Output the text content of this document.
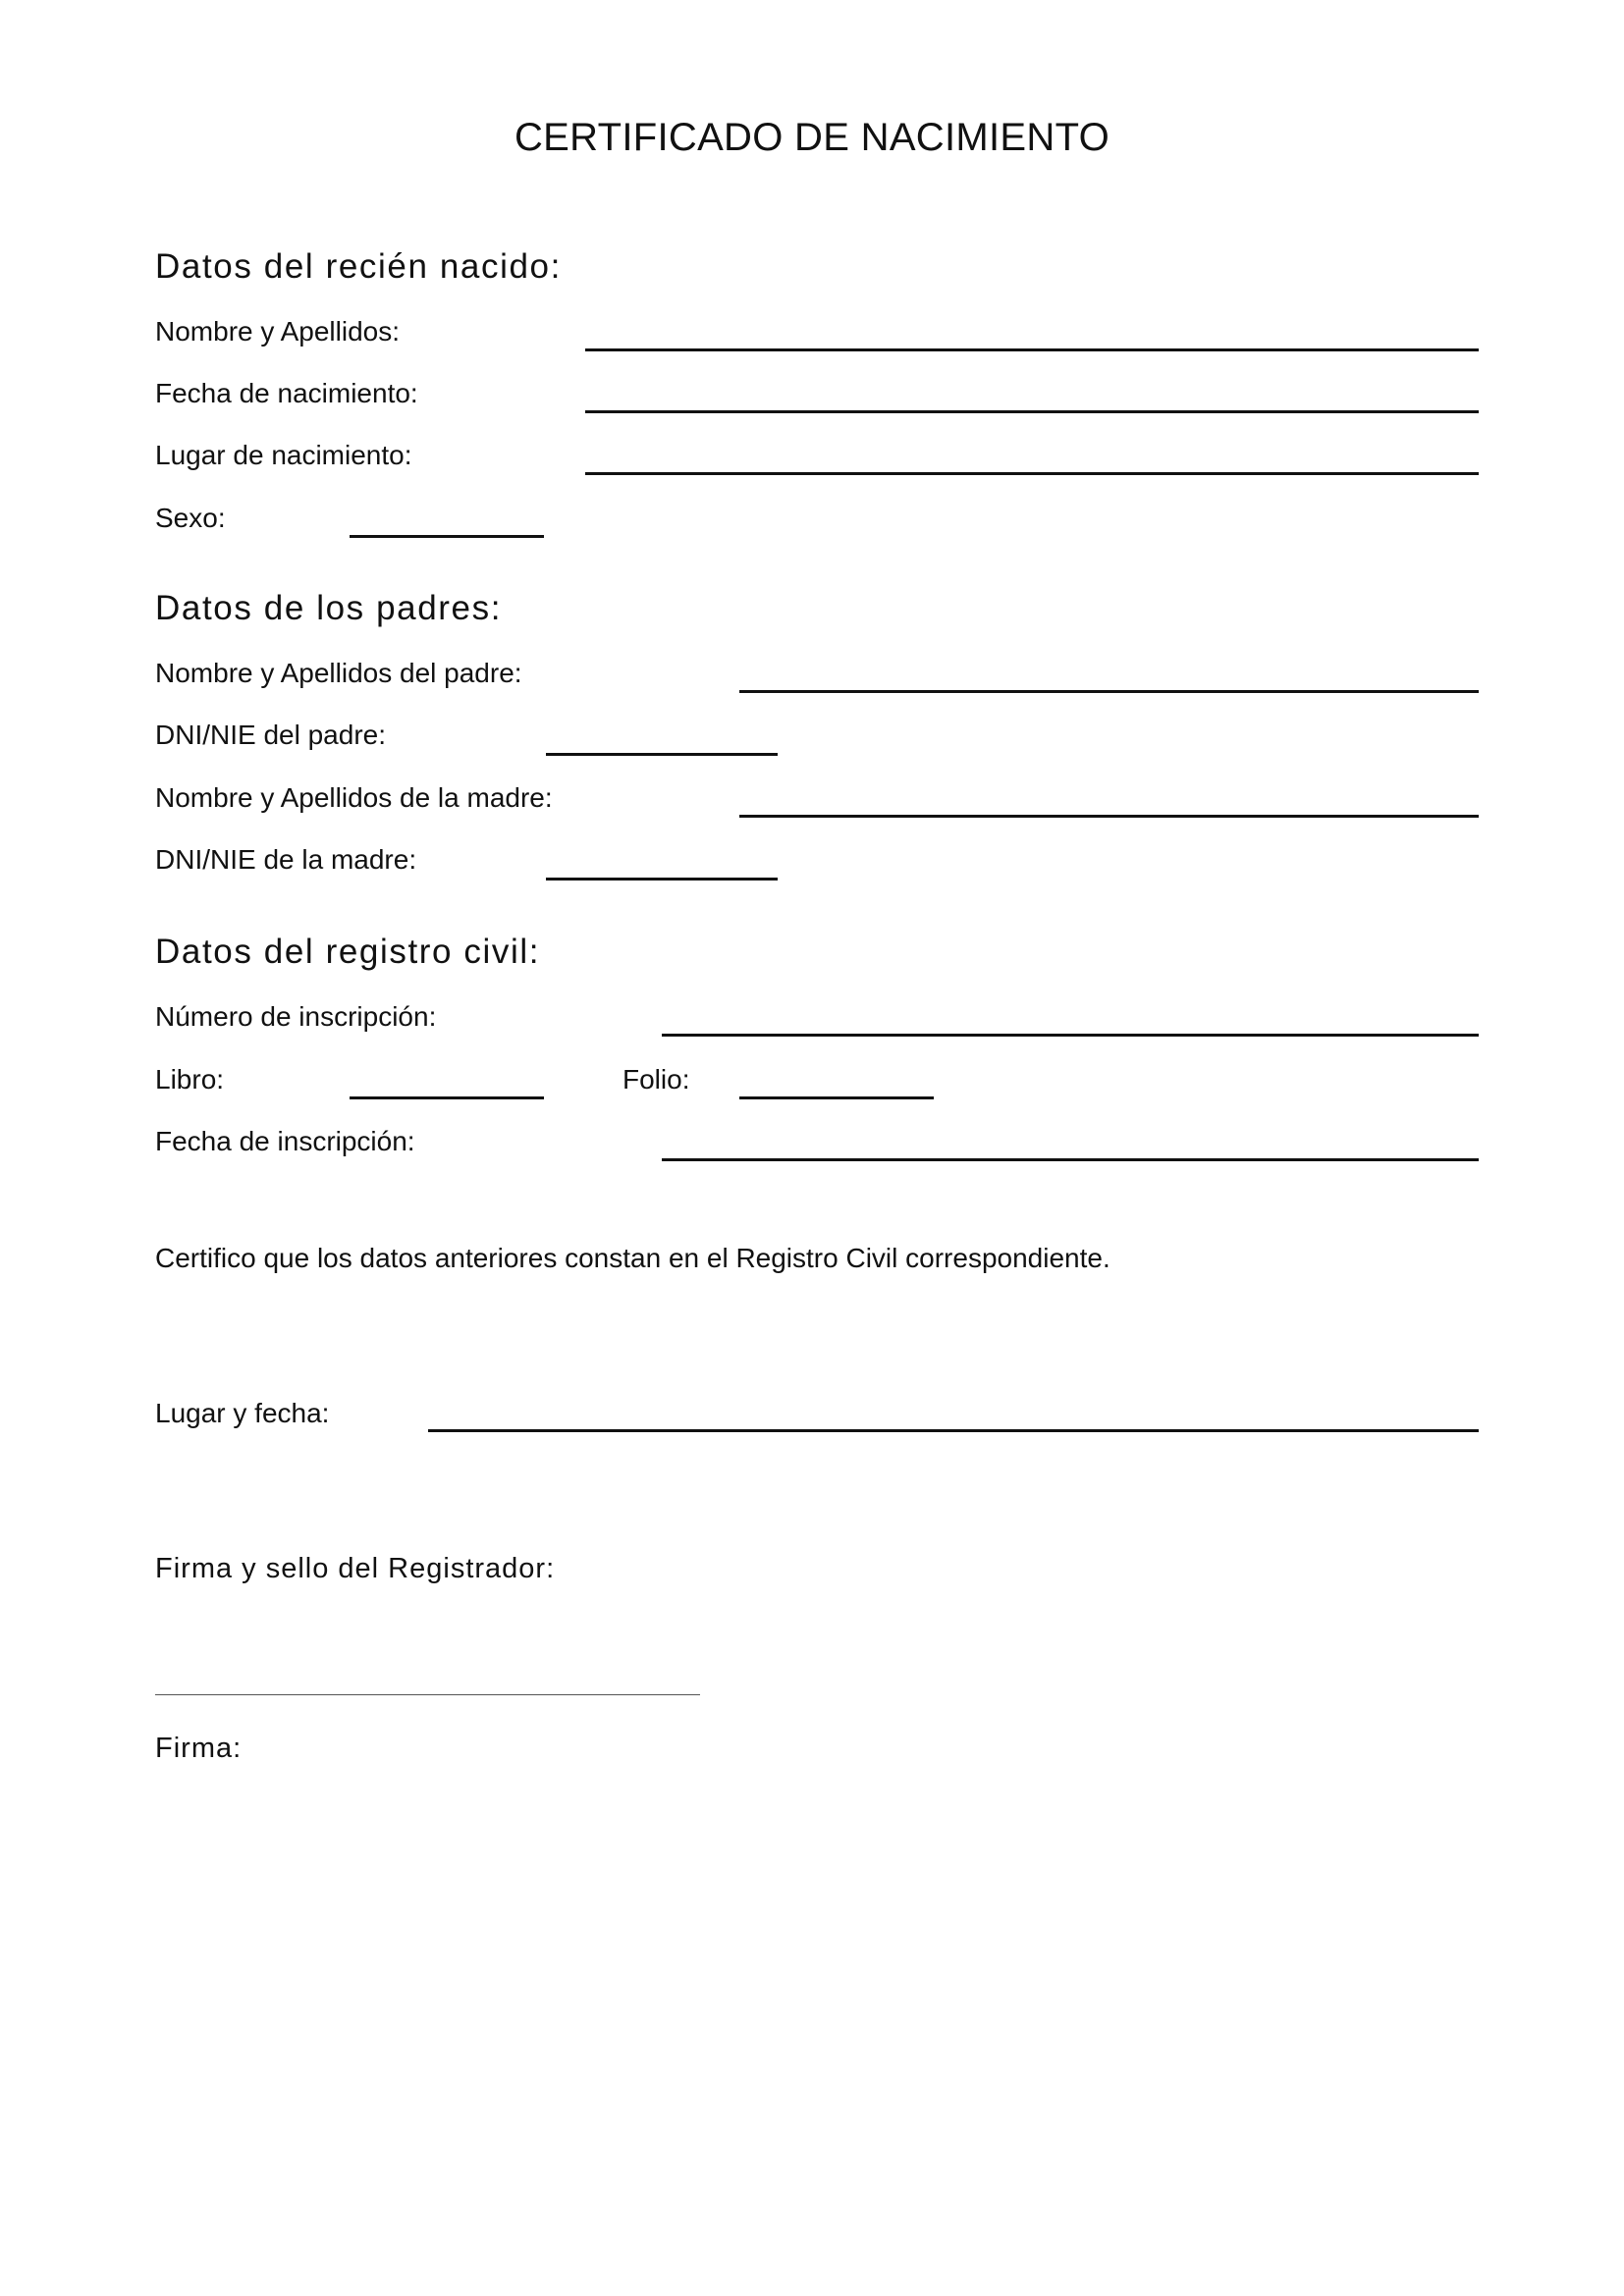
CERTIFICADO DE NACIMIENTO
Datos del recién nacido:
Nombre y Apellidos:
Fecha de nacimiento:
Lugar de nacimiento:
Sexo:
Datos de los padres:
Nombre y Apellidos del padre:
DNI/NIE del padre:
Nombre y Apellidos de la madre:
DNI/NIE de la madre:
Datos del registro civil:
Número de inscripción:
Libro:	Folio:
Fecha de inscripción:
Certifico que los datos anteriores constan en el Registro Civil correspondiente.
Lugar y fecha:
Firma y sello del Registrador:
Firma:
